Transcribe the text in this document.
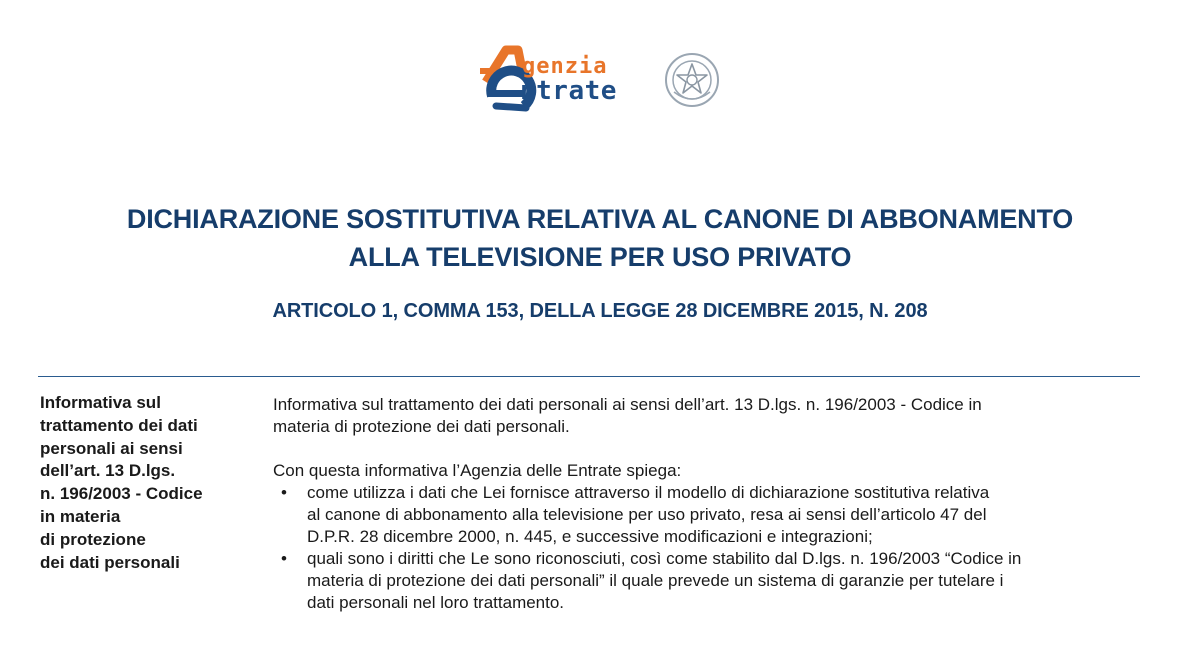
genzia
ntrate
DICHIARAZIONE SOSTITUTIVA RELATIVA AL CANONE DI ABBONAMENTO
ALLA TELEVISIONE PER USO PRIVATO
ARTICOLO 1, COMMA 153, DELLA LEGGE 28 DICEMBRE 2015, N. 208
Informativa sul
trattamento dei dati
personali ai sensi
dell’art. 13 D.lgs.
n. 196/2003 - Codice
in materia
di protezione
dei dati personali

Informativa sul trattamento dei dati personali ai sensi dell’art. 13 D.lgs. n. 196/2003 - Codice in
materia di protezione dei dati personali.

Con questa informativa l’Agenzia delle Entrate spiega:

• come utilizza i dati che Lei fornisce attraverso il modello di dichiarazione sostitutiva relativa
al canone di abbonamento alla televisione per uso privato, resa ai sensi dell’articolo 47 del
D.P.R. 28 dicembre 2000, n. 445, e successive modificazioni e integrazioni;
• quali sono i diritti che Le sono riconosciuti, così come stabilito dal D.lgs. n. 196/2003 “Codice in
materia di protezione dei dati personali” il quale prevede un sistema di garanzie per tutelare i
dati personali nel loro trattamento.
